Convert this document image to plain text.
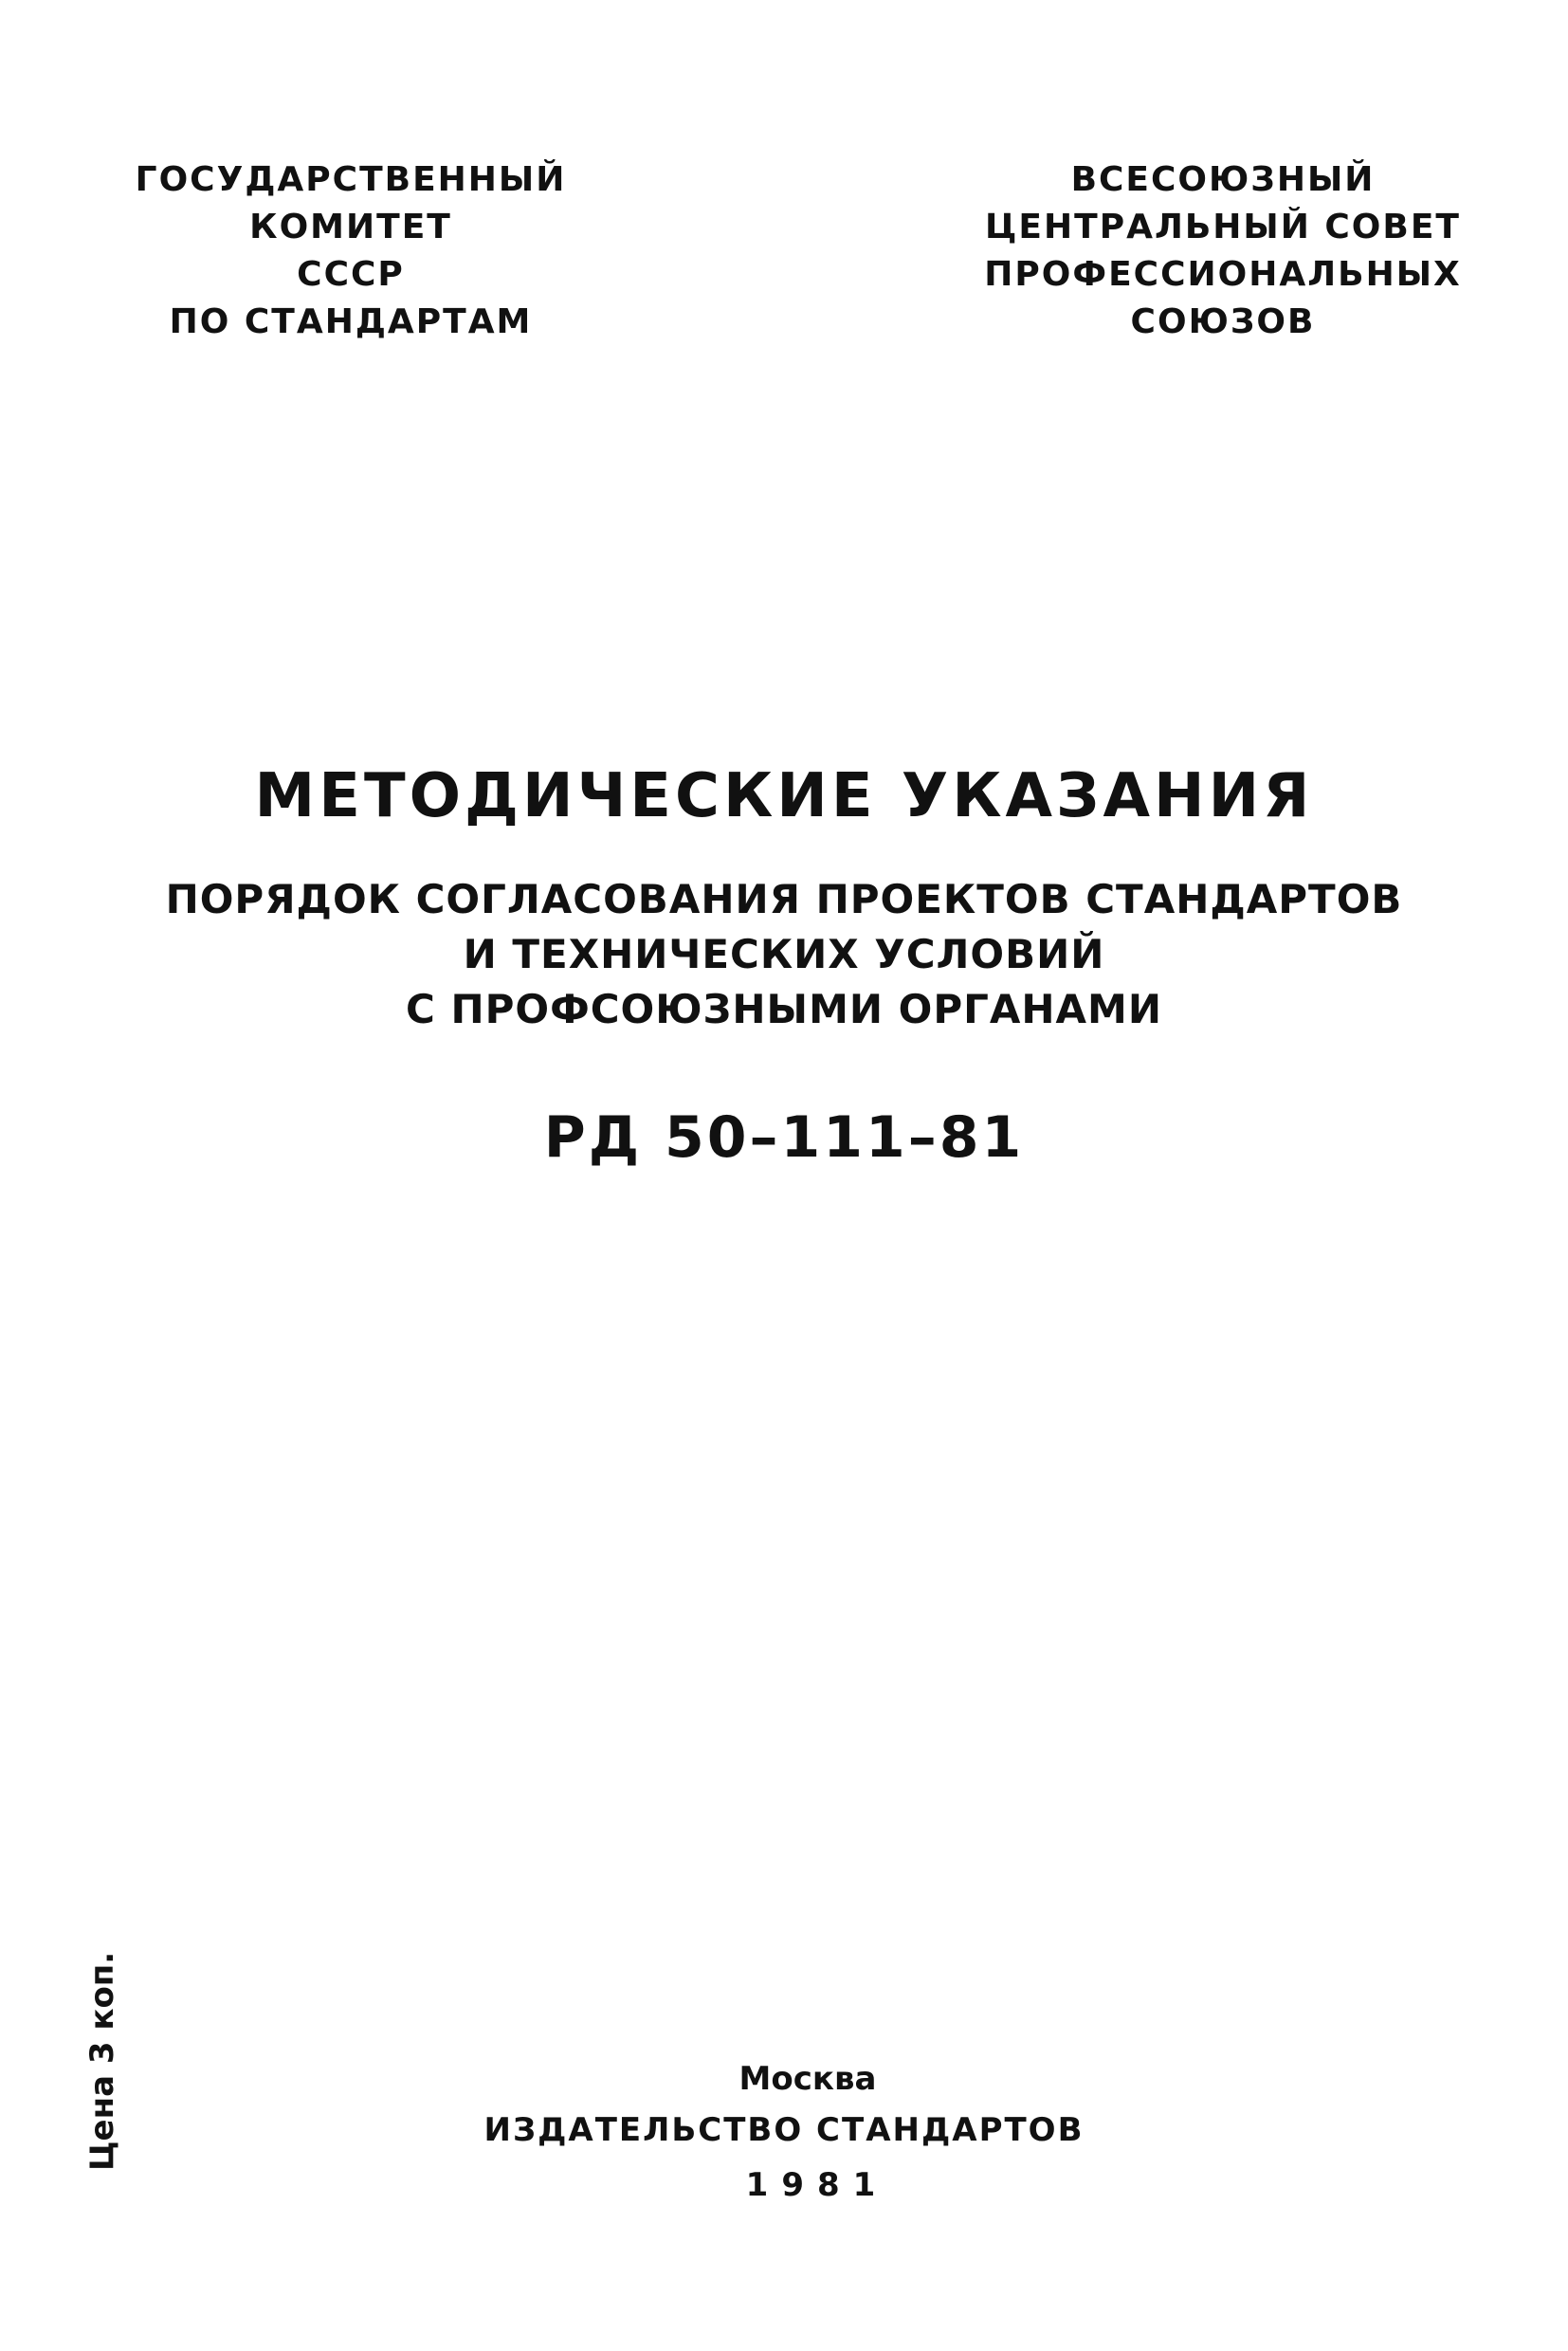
ГОСУДАРСТВЕННЫЙ
КОМИТЕТ
СССР
ПО СТАНДАРТАМ
ВСЕСОЮЗНЫЙ
ЦЕНТРАЛЬНЫЙ СОВЕТ
ПРОФЕССИОНАЛЬНЫХ
СОЮЗОВ
МЕТОДИЧЕСКИЕ УКАЗАНИЯ
ПОРЯДОК СОГЛАСОВАНИЯ ПРОЕКТОВ СТАНДАРТОВ
И ТЕХНИЧЕСКИХ УСЛОВИЙ
С ПРОФСОЮЗНЫМИ ОРГАНАМИ
РД 50–111–81
Цена 3 коп.	Москва
ИЗДАТЕЛЬСТВО СТАНДАРТОВ
1981
